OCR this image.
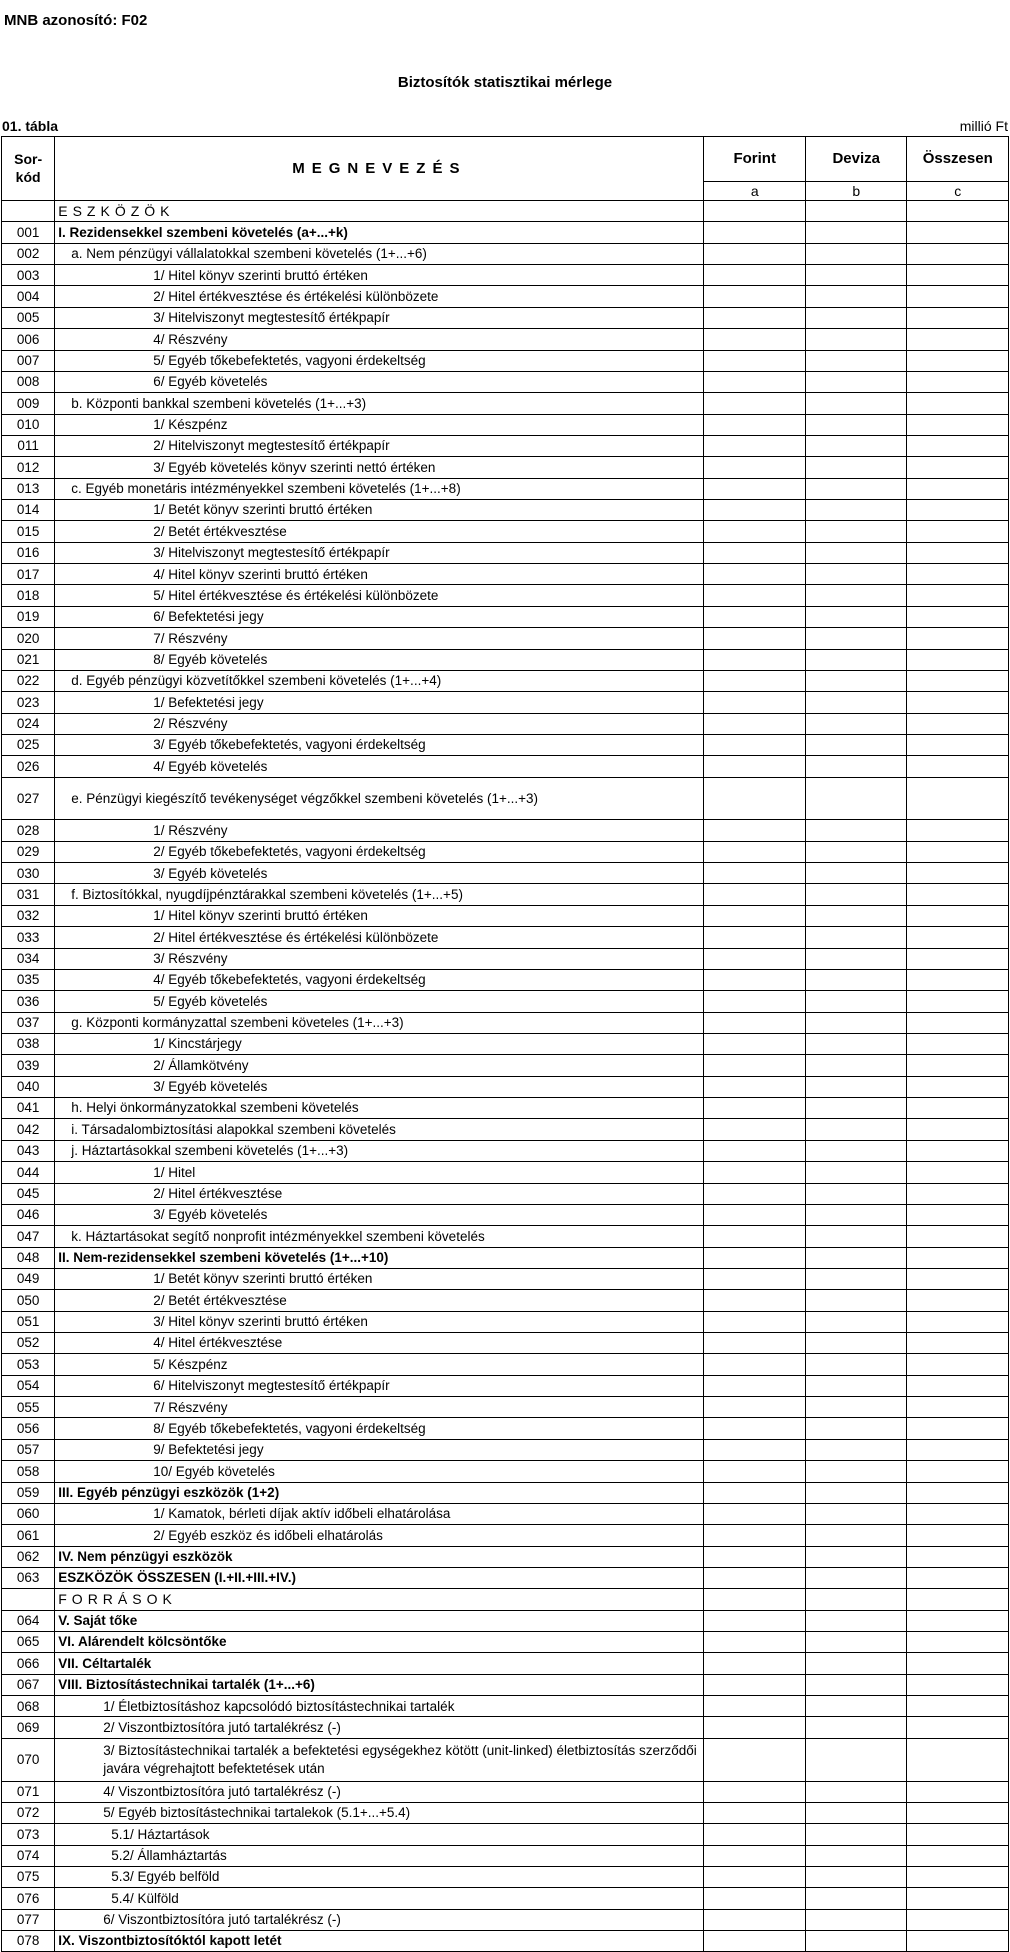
MNB azonosító: F02
Biztosítók statisztikai mérlege
01. tábla	millió Ft
Sor- kód	MEGNEVEZÉS	Forint	Deviza	Összesen
		a	b	c
	ESZKÖZÖK			
001	I. Rezidensekkel szembeni követelés (a+...+k)			
002	a. Nem pénzügyi vállalatokkal szembeni követelés (1+...+6)			
003	1/ Hitel könyv szerinti bruttó értéken			
004	2/ Hitel értékvesztése és értékelési különbözete			
005	3/ Hitelviszonyt megtestesítő értékpapír			
006	4/ Részvény			
007	5/ Egyéb tőkebefektetés, vagyoni érdekeltség			
008	6/ Egyéb követelés			
009	b. Központi bankkal szembeni követelés (1+...+3)			
010	1/ Készpénz			
011	2/ Hitelviszonyt megtestesítő értékpapír			
012	3/ Egyéb követelés könyv szerinti nettó értéken			
013	c. Egyéb monetáris intézményekkel szembeni követelés (1+...+8)			
014	1/ Betét könyv szerinti bruttó értéken			
015	2/ Betét értékvesztése			
016	3/ Hitelviszonyt megtestesítő értékpapír			
017	4/ Hitel könyv szerinti bruttó értéken			
018	5/ Hitel értékvesztése és értékelési különbözete			
019	6/ Befektetési jegy			
020	7/ Részvény			
021	8/ Egyéb követelés			
022	d. Egyéb pénzügyi közvetítőkkel szembeni követelés (1+...+4)			
023	1/ Befektetési jegy			
024	2/ Részvény			
025	3/ Egyéb tőkebefektetés, vagyoni érdekeltség			
026	4/ Egyéb követelés			
027	e. Pénzügyi kiegészítő tevékenységet végzőkkel szembeni követelés (1+...+3)			
028	1/ Részvény			
029	2/ Egyéb tőkebefektetés, vagyoni érdekeltség			
030	3/ Egyéb követelés			
031	f. Biztosítókkal, nyugdíjpénztárakkal szembeni követelés (1+...+5)			
032	1/ Hitel könyv szerinti bruttó értéken			
033	2/ Hitel értékvesztése és értékelési különbözete			
034	3/ Részvény			
035	4/ Egyéb tőkebefektetés, vagyoni érdekeltség			
036	5/ Egyéb követelés			
037	g. Központi kormányzattal szembeni követeles (1+...+3)			
038	1/ Kincstárjegy			
039	2/ Államkötvény			
040	3/ Egyéb követelés			
041	h. Helyi önkormányzatokkal szembeni követelés			
042	i. Társadalombiztosítási alapokkal szembeni követelés			
043	j. Háztartásokkal szembeni követelés (1+...+3)			
044	1/ Hitel			
045	2/ Hitel értékvesztése			
046	3/ Egyéb követelés			
047	k. Háztartásokat segítő nonprofit intézményekkel szembeni követelés			
048	II. Nem-rezidensekkel szembeni követelés (1+...+10)			
049	1/ Betét könyv szerinti bruttó értéken			
050	2/ Betét értékvesztése			
051	3/ Hitel könyv szerinti bruttó értéken			
052	4/ Hitel értékvesztése			
053	5/ Készpénz			
054	6/ Hitelviszonyt megtestesítő értékpapír			
055	7/ Részvény			
056	8/ Egyéb tőkebefektetés, vagyoni érdekeltség			
057	9/ Befektetési jegy			
058	10/ Egyéb követelés			
059	III. Egyéb pénzügyi eszközök (1+2)			
060	1/ Kamatok, bérleti díjak aktív időbeli elhatárolása			
061	2/ Egyéb eszköz és időbeli elhatárolás			
062	IV. Nem pénzügyi eszközök			
063	ESZKÖZÖK ÖSSZESEN (I.+II.+III.+IV.)			
	FORRÁSOK			
064	V. Saját tőke			
065	VI. Alárendelt kölcsöntőke			
066	VII. Céltartalék			
067	VIII. Biztosítástechnikai tartalék (1+...+6)			
068	1/ Életbiztosításhoz kapcsolódó biztosítástechnikai tartalék			
069	2/ Viszontbiztosítóra jutó tartalékrész (-)			
070	3/ Biztosítástechnikai tartalék a befektetési egységekhez kötött (unit-linked) életbiztosítás szerződői javára végrehajtott befektetések után			
071	4/ Viszontbiztosítóra jutó tartalékrész (-)			
072	5/ Egyéb biztosítástechnikai tartalekok (5.1+...+5.4)			
073	5.1/ Háztartások			
074	5.2/ Államháztartás			
075	5.3/ Egyéb belföld			
076	5.4/ Külföld			
077	6/ Viszontbiztosítóra jutó tartalékrész (-)			
078	IX. Viszontbiztosítóktól kapott letét			
